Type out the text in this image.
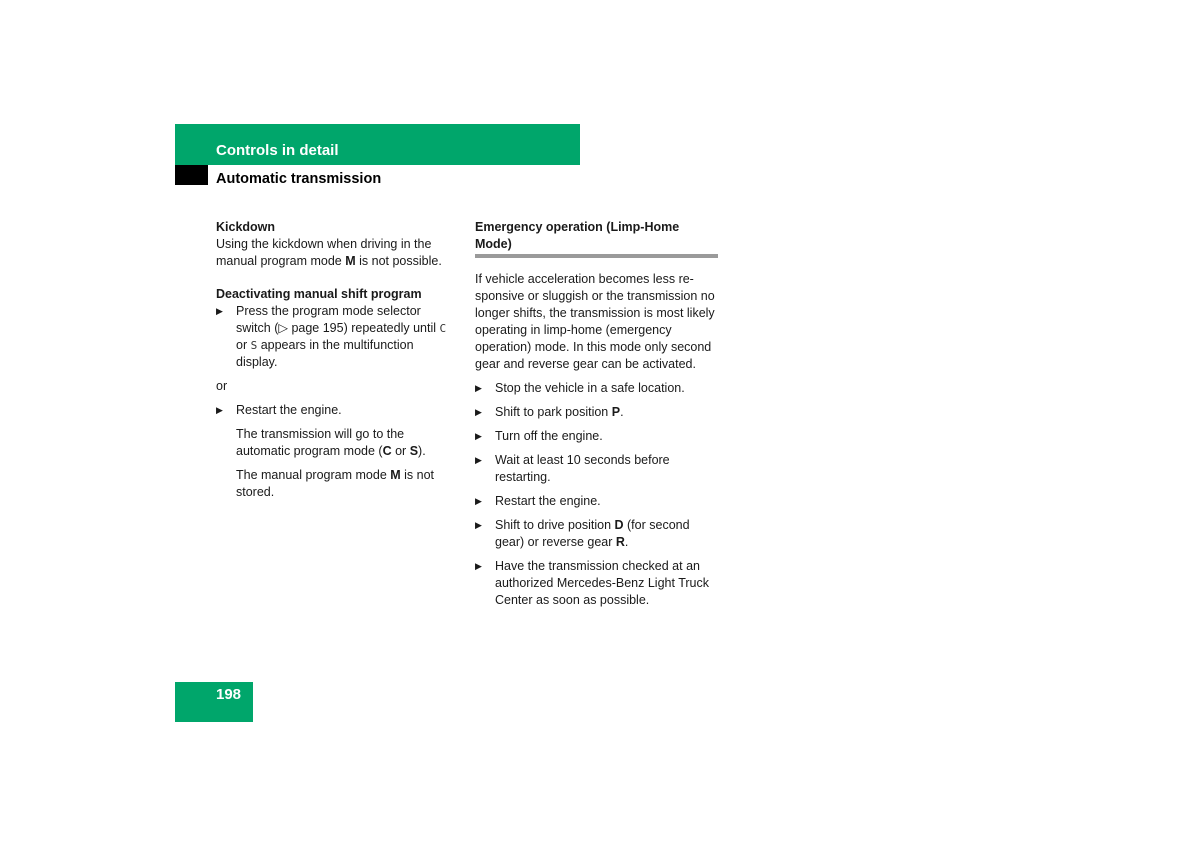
Controls in detail
Automatic transmission

Kickdown

Using the kickdown when driving in the manual program mode M is not possible.

Deactivating manual shift program

▶ Press the program mode selector switch (▷ page 195) repeatedly until C or S appears in the multifunction display.

or

▶ Restart the engine.

The transmission will go to the automatic program mode (C or S).

The manual program mode M is not stored.

Emergency operation (Limp-Home Mode)

If vehicle acceleration becomes less re-sponsive or sluggish or the transmission no longer shifts, the transmission is most likely operating in limp-home (emergency operation) mode. In this mode only second gear and reverse gear can be activated.

▶ Stop the vehicle in a safe location.

▶ Shift to park position P.

▶ Turn off the engine.

▶ Wait at least 10 seconds before restarting.

▶ Restart the engine.

▶ Shift to drive position D (for second gear) or reverse gear R.

▶ Have the transmission checked at an authorized Mercedes-Benz Light Truck Center as soon as possible.

198
